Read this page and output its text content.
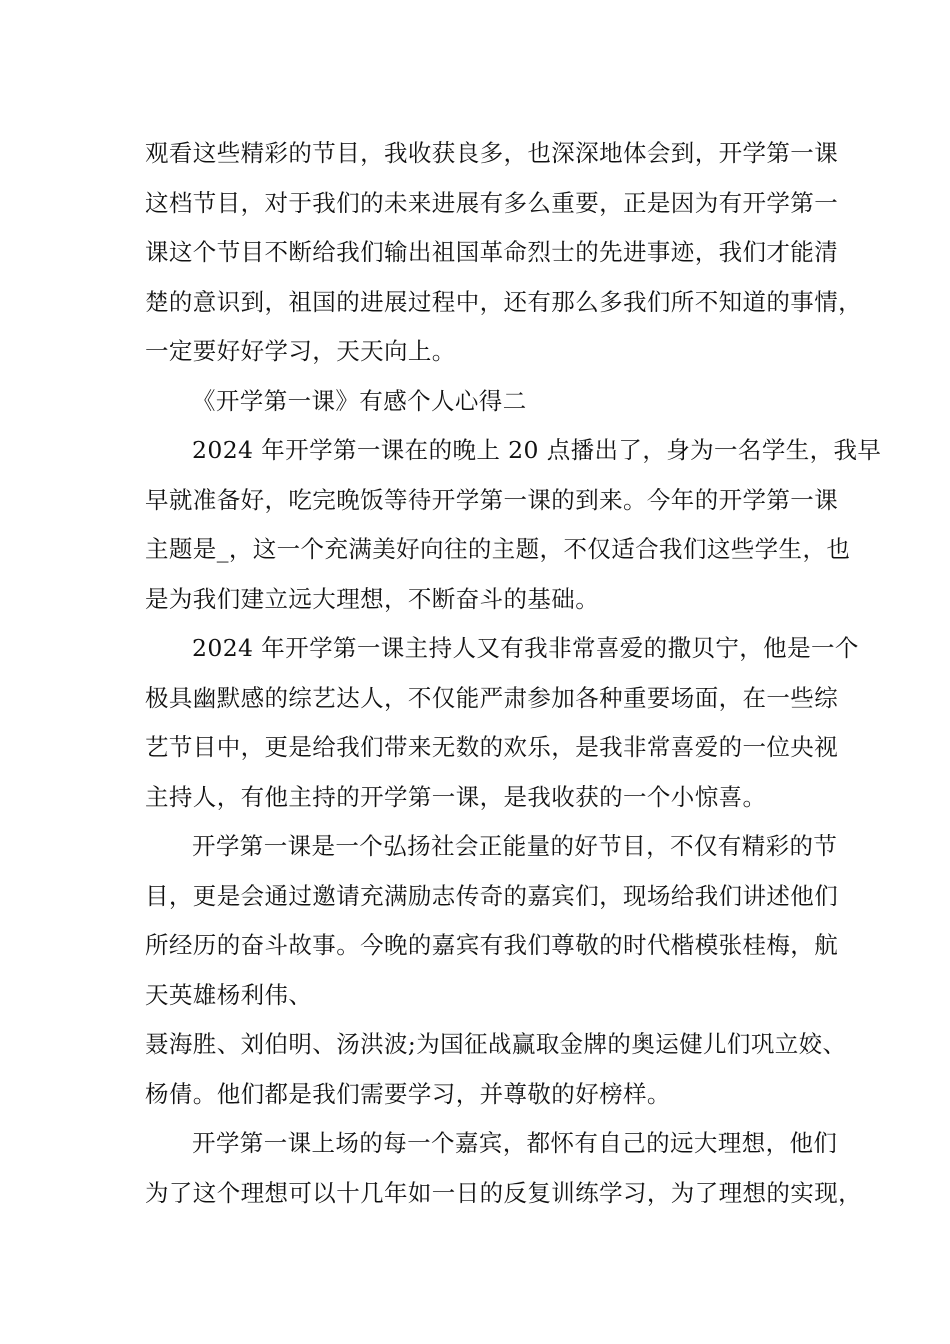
观看这些精彩的节目，我收获良多，也深深地体会到，开学第一课
这档节目，对于我们的未来进展有多么重要，正是因为有开学第一
课这个节目不断给我们输出祖国革命烈士的先进事迹，我们才能清
楚的意识到，祖国的进展过程中，还有那么多我们所不知道的事情，
一定要好好学习，天天向上。
《开学第一课》有感个人心得二
2024 年开学第一课在的晚上 20 点播出了，身为一名学生，我早
早就准备好，吃完晚饭等待开学第一课的到来。今年的开学第一课
主题是_，这一个充满美好向往的主题，不仅适合我们这些学生，也
是为我们建立远大理想，不断奋斗的基础。
2024 年开学第一课主持人又有我非常喜爱的撒贝宁，他是一个
极具幽默感的综艺达人，不仅能严肃参加各种重要场面，在一些综
艺节目中，更是给我们带来无数的欢乐，是我非常喜爱的一位央视
主持人，有他主持的开学第一课，是我收获的一个小惊喜。
开学第一课是一个弘扬社会正能量的好节目，不仅有精彩的节
目，更是会通过邀请充满励志传奇的嘉宾们，现场给我们讲述他们
所经历的奋斗故事。今晚的嘉宾有我们尊敬的时代楷模张桂梅，航
天英雄杨利伟、
聂海胜、刘伯明、汤洪波;为国征战赢取金牌的奥运健儿们巩立姣、
杨倩。他们都是我们需要学习，并尊敬的好榜样。
开学第一课上场的每一个嘉宾，都怀有自己的远大理想，他们
为了这个理想可以十几年如一日的反复训练学习，为了理想的实现，
